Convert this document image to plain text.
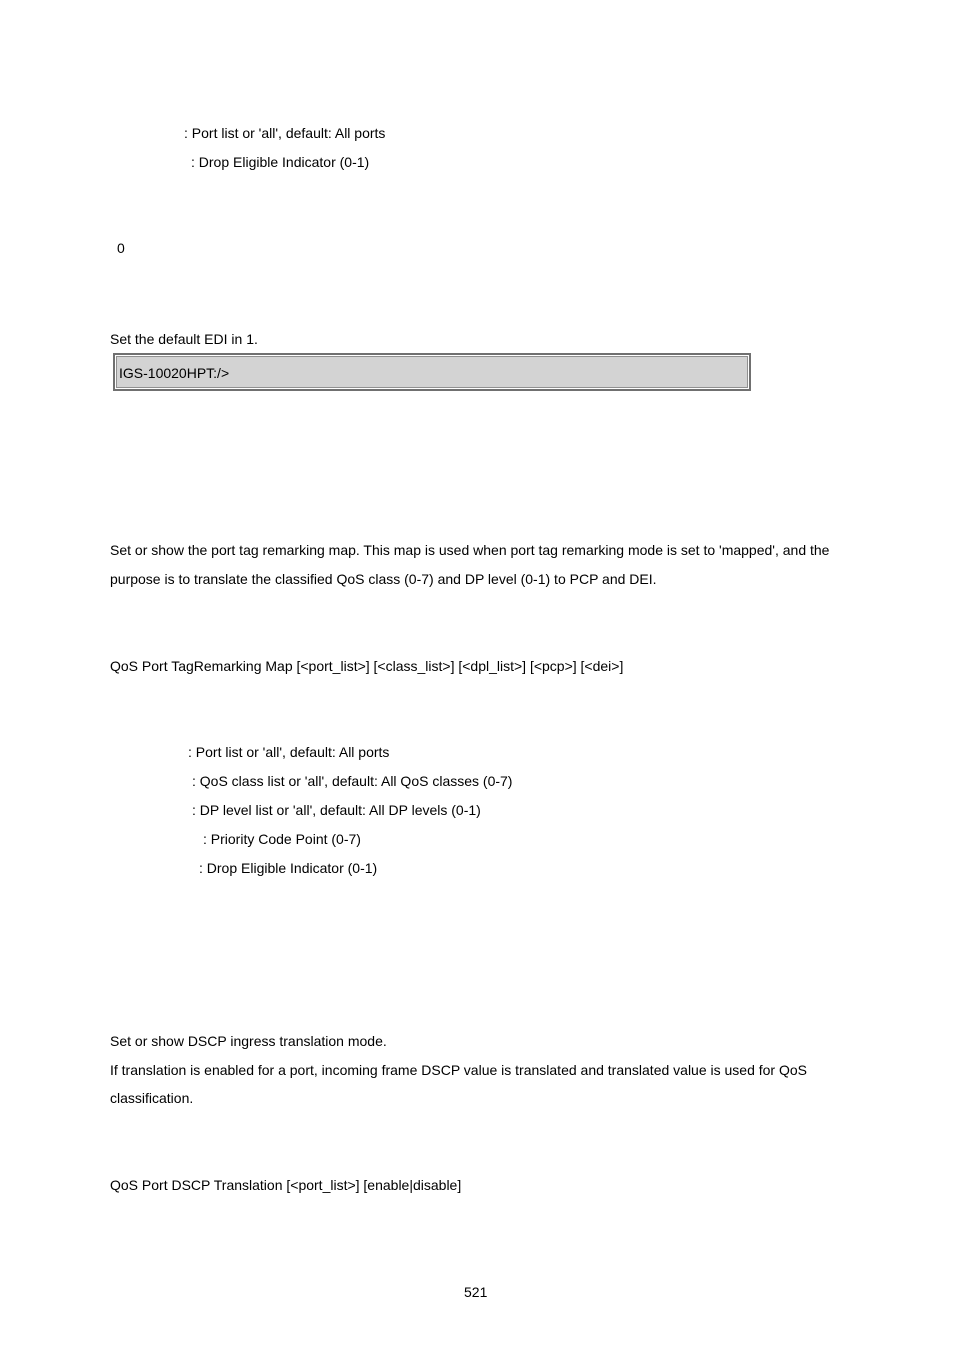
: Port list or 'all', default: All ports
: Drop Eligible Indicator (0-1)
0
Set the default EDI in 1.
IGS-10020HPT:/>
Set or show the port tag remarking map. This map is used when port tag remarking mode is set to 'mapped', and the
purpose is to translate the classified QoS class (0-7) and DP level (0-1) to PCP and DEI.
QoS Port TagRemarking Map [<port_list>] [<class_list>] [<dpl_list>] [<pcp>] [<dei>]
: Port list or 'all', default: All ports
: QoS class list or 'all', default: All QoS classes (0-7)
: DP level list or 'all', default: All DP levels (0-1)
: Priority Code Point (0-7)
: Drop Eligible Indicator (0-1)
Set or show DSCP ingress translation mode.
If translation is enabled for a port, incoming frame DSCP value is translated and translated value is used for QoS
classification.
QoS Port DSCP Translation [<port_list>] [enable|disable]
521
